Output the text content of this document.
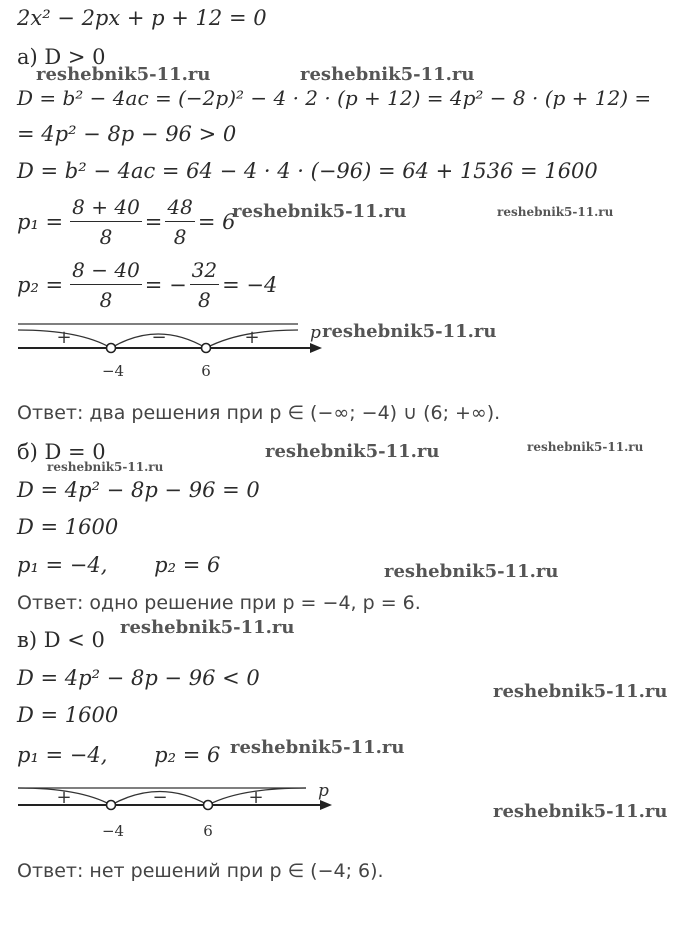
2x² − 2px + p + 12 = 0
а) D > 0
D = b² − 4ac = (−2p)² − 4 · 2 · (p + 12) = 4p² − 8 · (p + 12) =
= 4p² − 8p − 96 > 0
D = b² − 4ac = 64 − 4 · 4 · (−96) = 64 + 1536 = 1600
$p_1 = \frac{8 + 40}{8} = \frac{48}{8} = 6$
$p_2 = \frac{8 - 40}{8}$ = − $\frac{32}{8} = -4$
+	−	+
−4	6
p
Ответ: два решения при p ∈ (−∞; −4) ∪ (6; +∞).
б) D = 0
D = 4p² − 8p − 96 = 0
D = 1600
p₁ = −4,       p₂ = 6
Ответ: одно решение при p = −4, p = 6.
в) D < 0
D = 4p² − 8p − 96 < 0
D = 1600
p₁ = −4,       p₂ = 6
+	−	+
−4	6
p
Ответ: нет решений при p ∈ (−4; 6).
reshebnik5-11.ru	reshebnik5-11.ru
reshebnik5-11.ru	reshebnik5-11.ru
reshebnik5-11.ru
reshebnik5-11.ru	reshebnik5-11.ru
reshebnik5-11.ru
reshebnik5-11.ru
reshebnik5-11.ru
reshebnik5-11.ru
reshebnik5-11.ru
reshebnik5-11.ru
